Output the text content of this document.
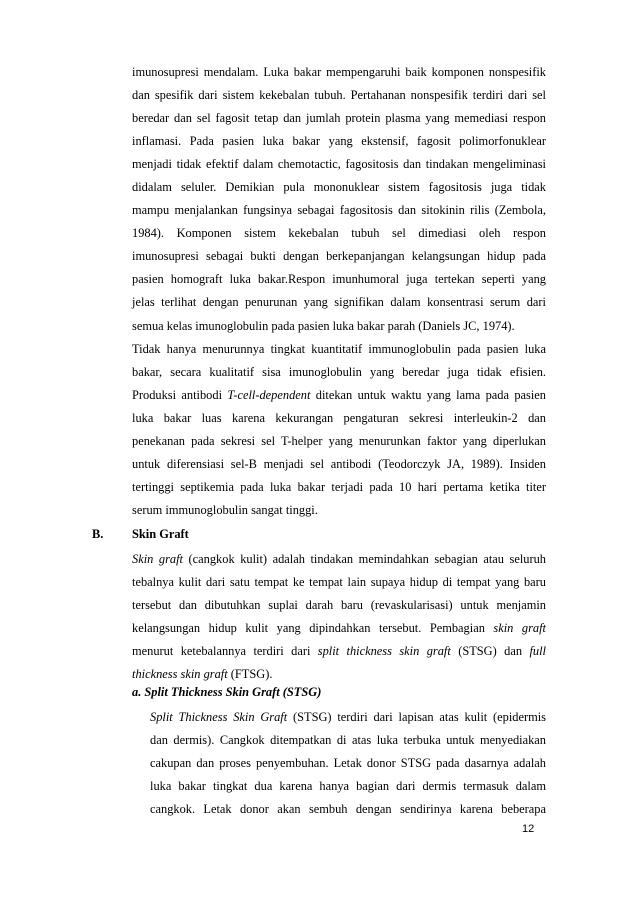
imunosupresi mendalam. Luka bakar mempengaruhi baik komponen nonspesifik
dan spesifik dari sistem kekebalan tubuh. Pertahanan nonspesifik terdiri dari sel
beredar dan sel fagosit tetap dan jumlah protein plasma yang memediasi respon
inflamasi. Pada pasien luka bakar yang ekstensif, fagosit polimorfonuklear
menjadi tidak efektif dalam chemotactic, fagositosis dan tindakan mengeliminasi
didalam seluler. Demikian pula mononuklear sistem fagositosis juga tidak
mampu menjalankan fungsinya sebagai fagositosis dan sitokinin rilis (Zembola,
1984). Komponen sistem kekebalan tubuh sel dimediasi oleh respon
imunosupresi sebagai bukti dengan berkepanjangan kelangsungan hidup pada
pasien homograft luka bakar.Respon imunhumoral juga tertekan seperti yang
jelas terlihat dengan penurunan yang signifikan dalam konsentrasi serum dari
semua kelas imunoglobulin pada pasien luka bakar parah (Daniels JC, 1974).
Tidak hanya menurunnya tingkat kuantitatif immunoglobulin pada pasien luka
bakar, secara kualitatif sisa imunoglobulin yang beredar juga tidak efisien.
Produksi antibodi T-cell-dependent ditekan untuk waktu yang lama pada pasien
luka bakar luas karena kekurangan pengaturan sekresi interleukin-2 dan
penekanan pada sekresi sel T-helper yang menurunkan faktor yang diperlukan
untuk diferensiasi sel-B menjadi sel antibodi (Teodorczyk JA, 1989). Insiden
tertinggi septikemia pada luka bakar terjadi pada 10 hari pertama ketika titer
serum immunoglobulin sangat tinggi.
B. Skin Graft
Skin graft (cangkok kulit) adalah tindakan memindahkan sebagian atau seluruh
tebalnya kulit dari satu tempat ke tempat lain supaya hidup di tempat yang baru
tersebut dan dibutuhkan suplai darah baru (revaskularisasi) untuk menjamin
kelangsungan hidup kulit yang dipindahkan tersebut. Pembagian skin graft
menurut ketebalannya terdiri dari split thickness skin graft (STSG) dan full
thickness skin graft (FTSG).
a. Split Thickness Skin Graft (STSG)
Split Thickness Skin Graft (STSG) terdiri dari lapisan atas kulit (epidermis
dan dermis). Cangkok ditempatkan di atas luka terbuka untuk menyediakan
cakupan dan proses penyembuhan. Letak donor STSG pada dasarnya adalah
luka bakar tingkat dua karena hanya bagian dari dermis termasuk dalam
cangkok. Letak donor akan sembuh dengan sendirinya karena beberapa
12
